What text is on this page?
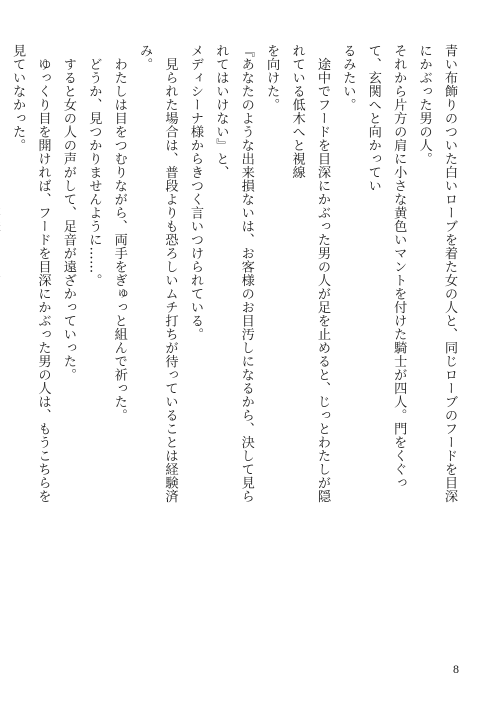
青い布飾りのついた白いローブを着た女の人と、同じローブのフードを目深にかぶった男の人。
それから片方の肩に小さな黄色いマントを付けた騎士が四人。門をくぐって、玄関へと向かってい
るみたい。
　途中でフードを目深にかぶった男の人が足を止めると、じっとわたしが隠れている低木へと視線
を向けた。
『あなたのような出来損ないは、お客様のお目汚しになるから、決して見られてはいけない』と、
メディシーナ様からきつく言いつけられている。
　見られた場合は、普段よりも恐ろしいムチ打ちが待っていることは経験済み。
　わたしは目をつむりながら、両手をぎゅっと組んで祈った。
　どうか、見つかりませんように……。
　すると女の人の声がして、足音が遠ざかっていった。
　ゆっくり目を開ければ、フードを目深にかぶった男の人は、もうこちらを見ていなかった。
8
